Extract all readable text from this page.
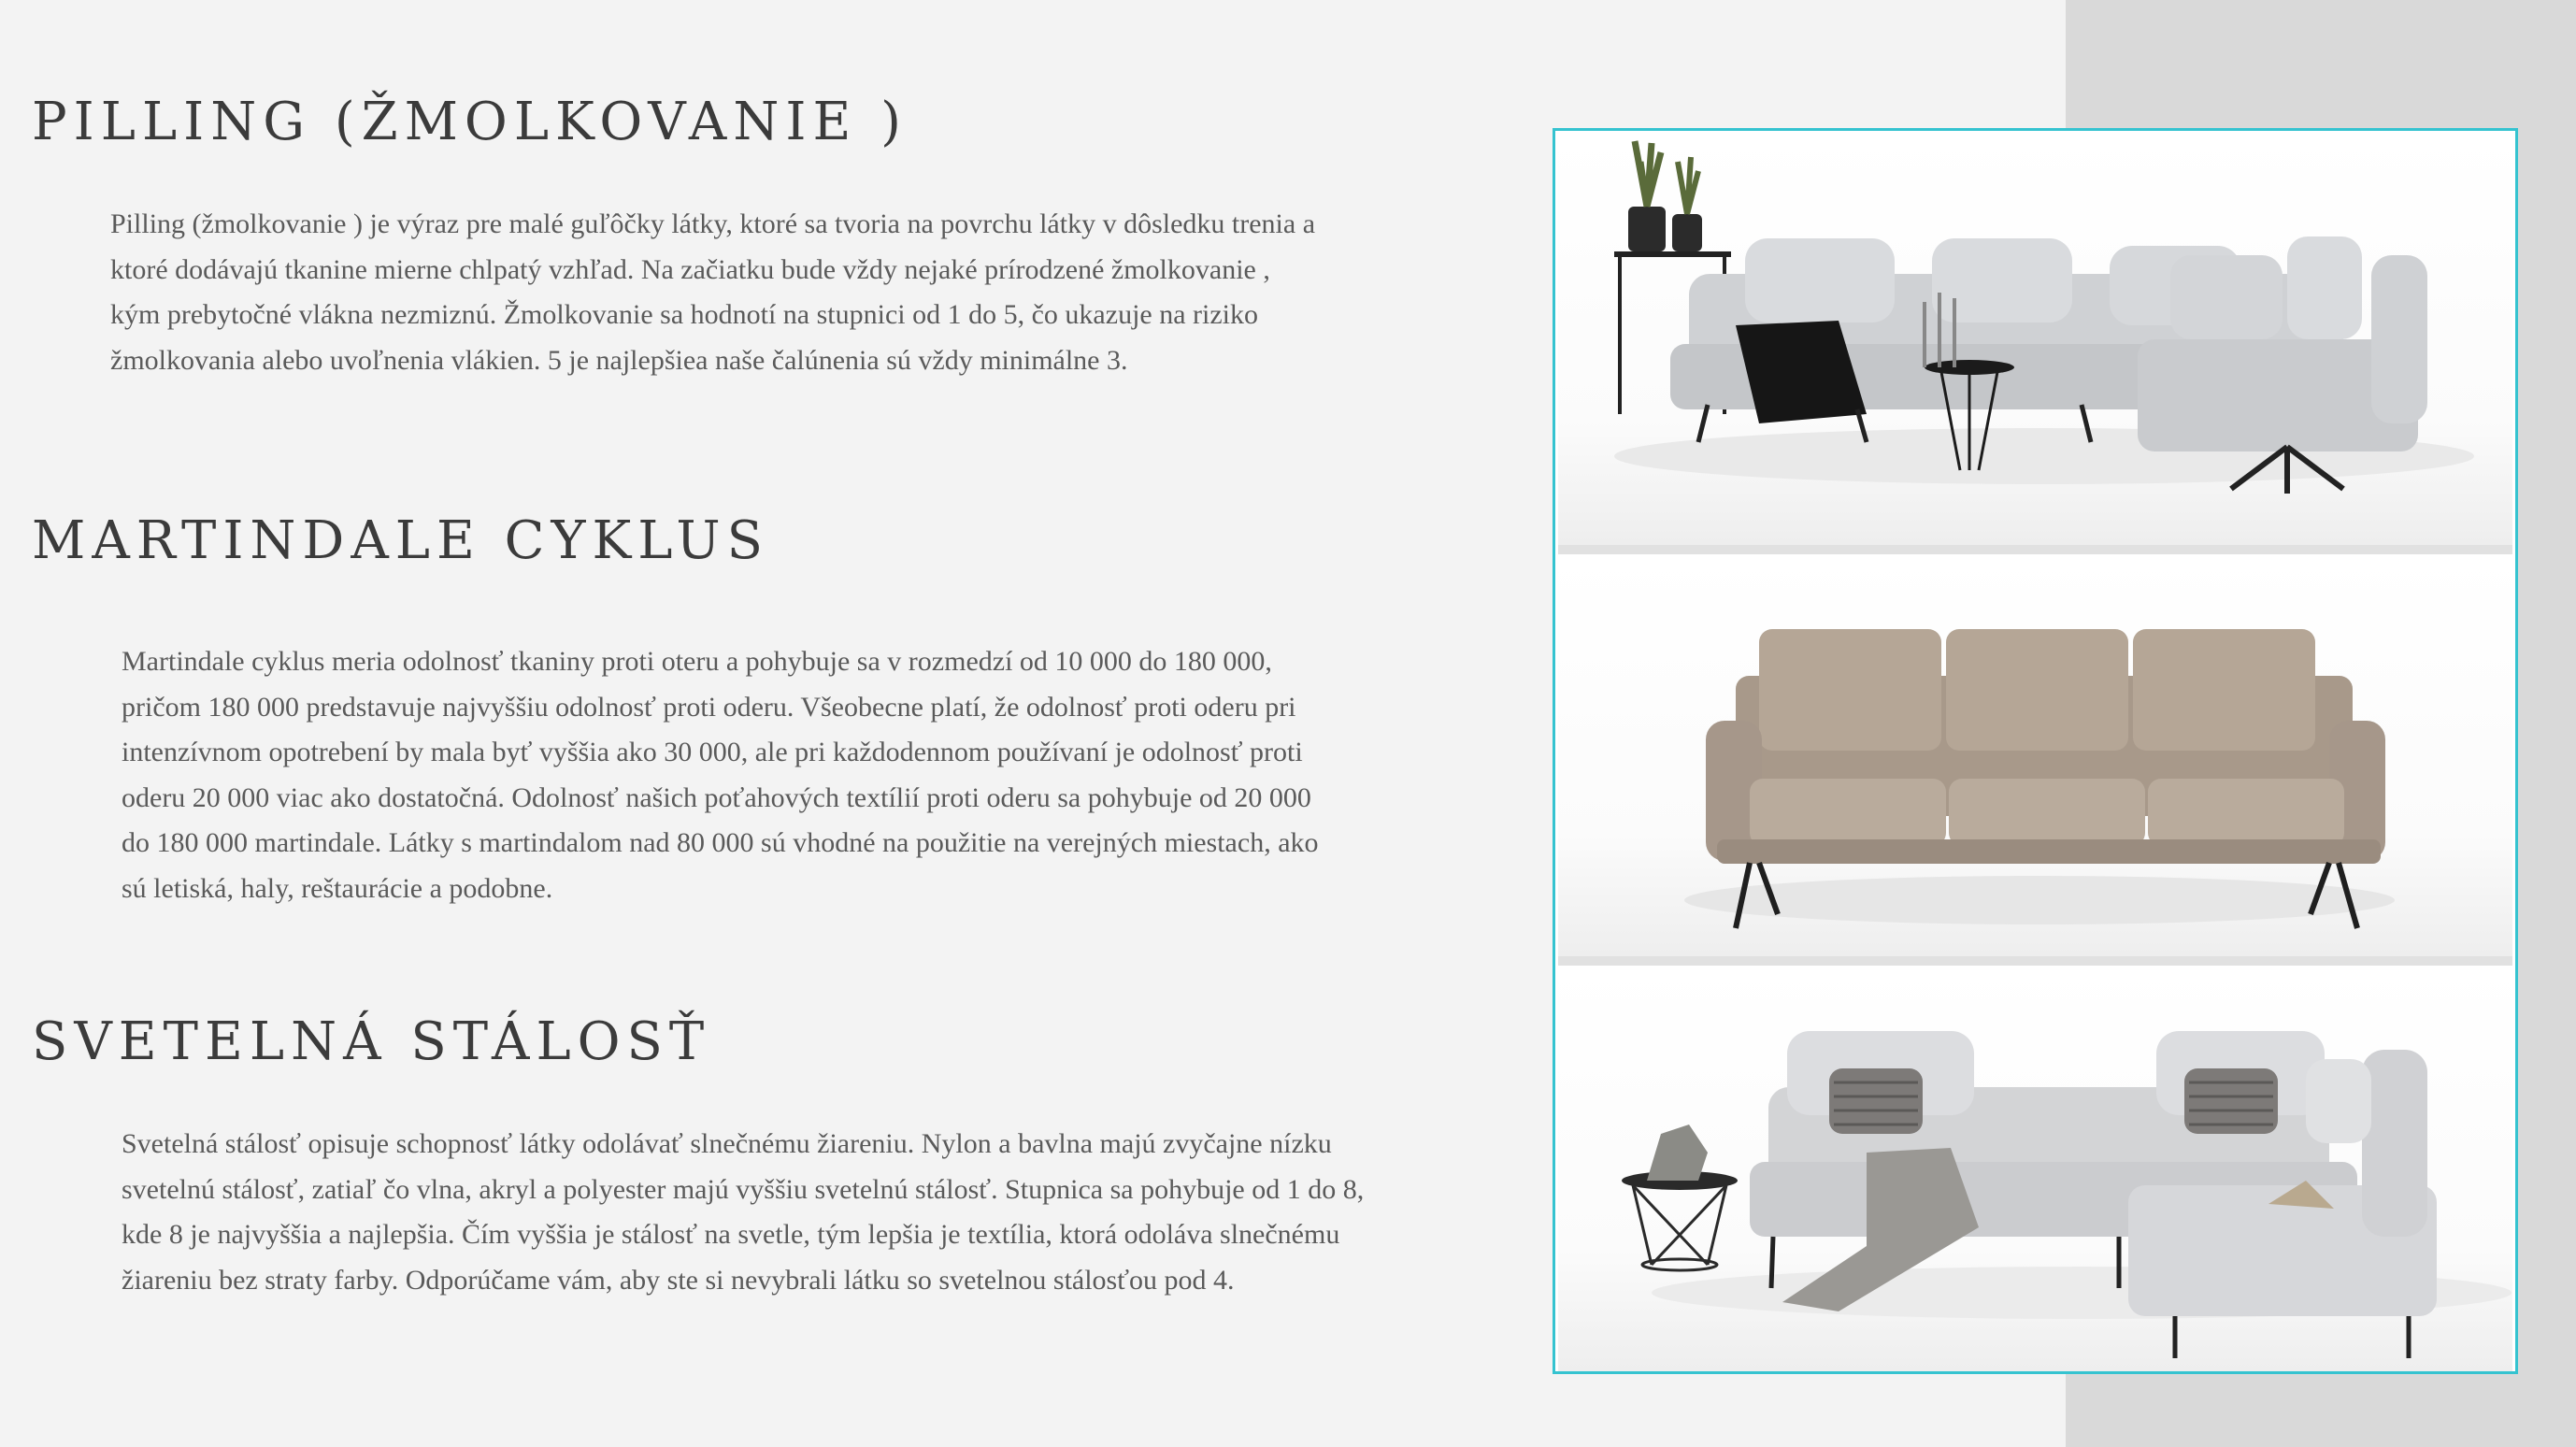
PILLING (ŽMOLKOVANIE )

Pilling (žmolkovanie ) je výraz pre malé guľôčky látky, ktoré sa tvoria na povrchu látky v dôsledku trenia a
ktoré dodávajú tkanine mierne chlpatý vzhľad. Na začiatku bude vždy nejaké prírodzené žmolkovanie ,
kým prebytočné vlákna nezmiznú. Žmolkovanie sa hodnotí na stupnici od 1 do 5, čo ukazuje na riziko
žmolkovania alebo uvoľnenia vlákien. 5 je najlepšiea naše čalúnenia sú vždy minimálne 3.

MARTINDALE CYKLUS

Martindale cyklus meria odolnosť tkaniny proti oteru a pohybuje sa v rozmedzí od 10 000 do 180 000,
pričom 180 000 predstavuje najvyššiu odolnosť proti oderu. Všeobecne platí, že odolnosť proti oderu pri
intenzívnom opotrebení by mala byť vyššia ako 30 000, ale pri každodennom používaní je odolnosť proti
oderu 20 000 viac ako dostatočná. Odolnosť našich poťahových textílií proti oderu sa pohybuje od 20 000
do 180 000 martindale. Látky s martindalom nad 80 000 sú vhodné na použitie na verejných miestach, ako
sú letiská, haly, reštaurácie a podobne.

SVETELNÁ STÁLOSŤ

Svetelná stálosť opisuje schopnosť látky odolávať slnečnému žiareniu. Nylon a bavlna majú zvyčajne nízku
svetelnú stálosť, zatiaľ čo vlna, akryl a polyester majú vyššiu svetelnú stálosť. Stupnica sa pohybuje od 1 do 8,
kde 8 je najvyššia a najlepšia. Čím vyššia je stálosť na svetle, tým lepšia je textília, ktorá odoláva slnečnému
žiareniu bez straty farby. Odporúčame vám, aby ste si nevybrali látku so svetelnou stálosťou pod 4.
